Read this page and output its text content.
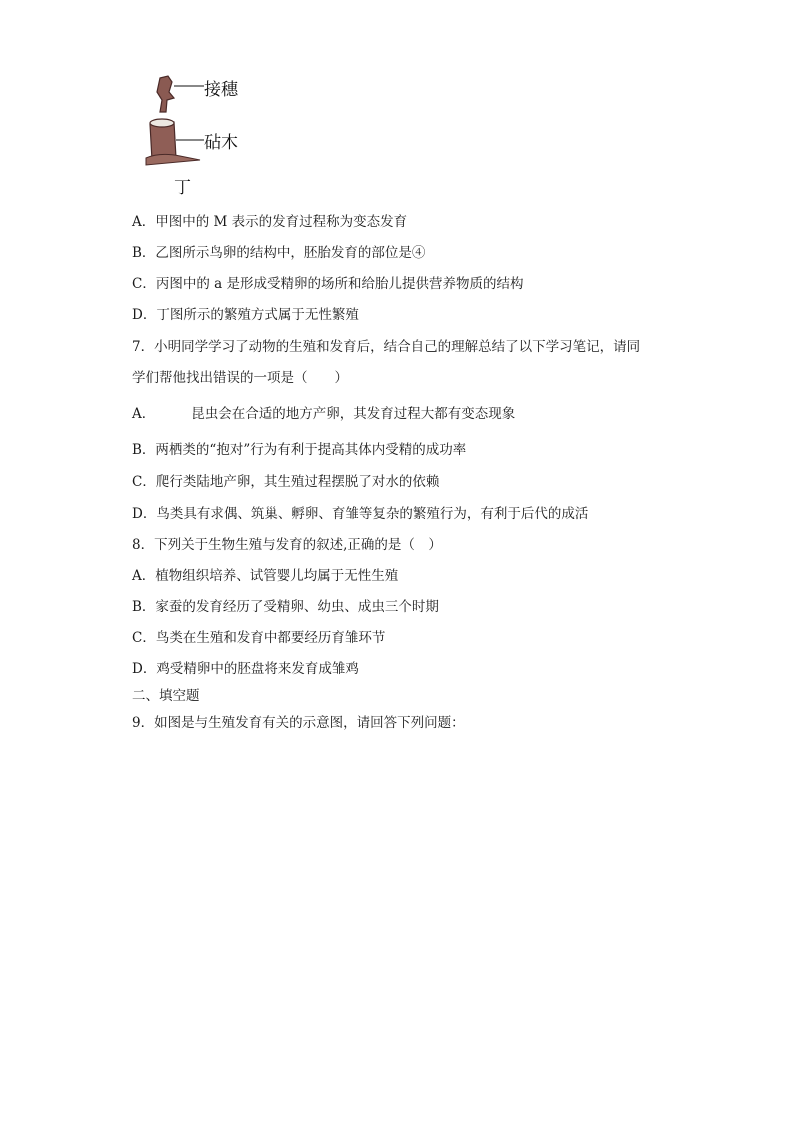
接穗
砧木
丁
A．甲图中的 M 表示的发育过程称为变态发育
B．乙图所示鸟卵的结构中，胚胎发育的部位是④
C．丙图中的 a 是形成受精卵的场所和给胎儿提供营养物质的结构
D．丁图所示的繁殖方式属于无性繁殖
7．小明同学学习了动物的生殖和发育后，结合自己的理解总结了以下学习笔记，请同
学们帮他找出错误的一项是（　　）
A．	昆虫会在合适的地方产卵，其发育过程大都有变态现象
B．两栖类的“抱对”行为有利于提高其体内受精的成功率
C．爬行类陆地产卵，其生殖过程摆脱了对水的依赖
D．鸟类具有求偶、筑巢、孵卵、育雏等复杂的繁殖行为，有利于后代的成活
8．下列关于生物生殖与发育的叙述,正确的是（　）
A．植物组织培养、试管婴儿均属于无性生殖
B．家蚕的发育经历了受精卵、幼虫、成虫三个时期
C．鸟类在生殖和发育中都要经历育雏环节
D．鸡受精卵中的胚盘将来发育成雏鸡
二、填空题
9．如图是与生殖发育有关的示意图，请回答下列问题：
